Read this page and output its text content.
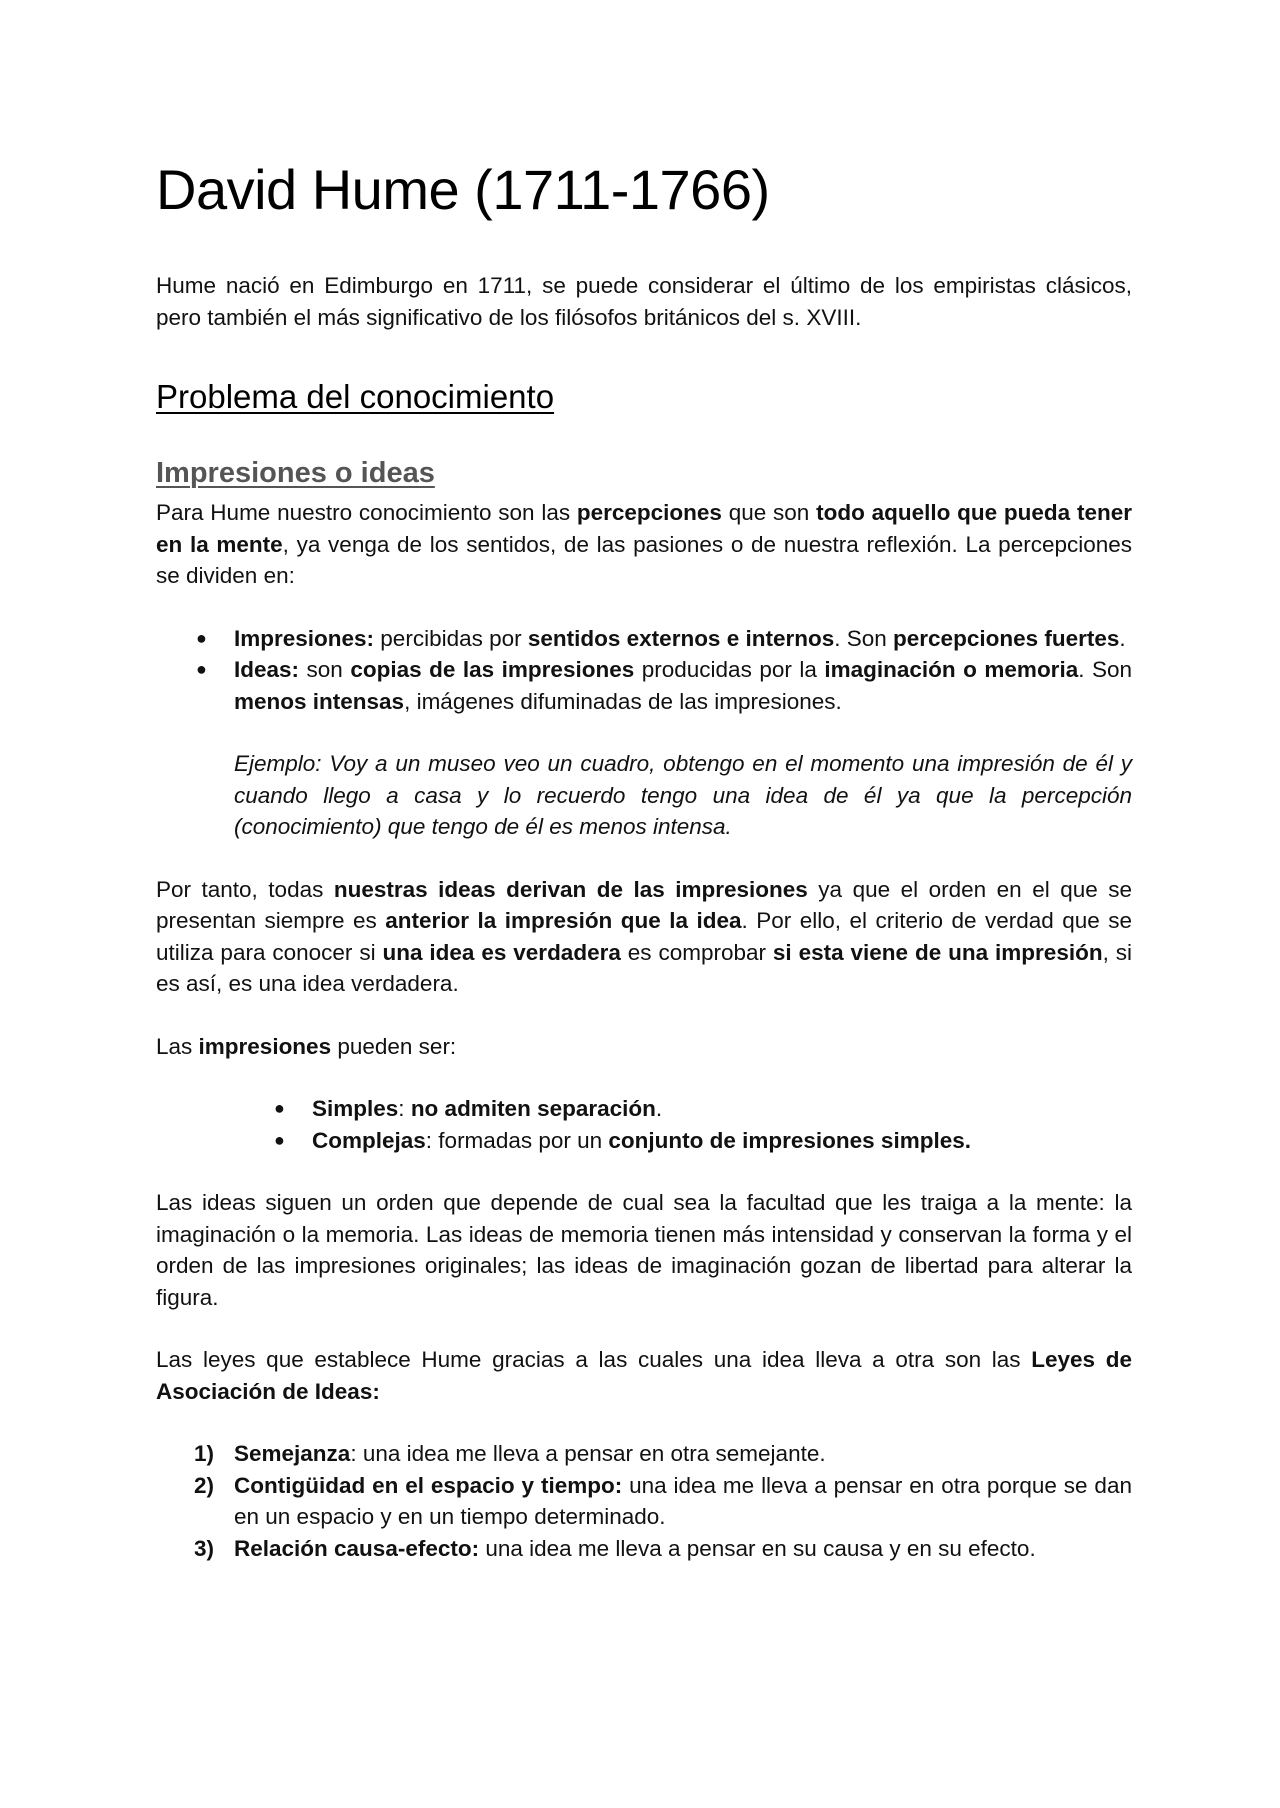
David Hume (1711-1766)

Hume nació en Edimburgo en 1711, se puede considerar el último de los empiristas clásicos, pero también el más significativo de los filósofos británicos del s. XVIII.

Problema del conocimiento
Impresiones o ideas

Para Hume nuestro conocimiento son las percepciones que son todo aquello que pueda tener en la mente, ya venga de los sentidos, de las pasiones o de nuestra reflexión. La percepciones se dividen en:

● Impresiones: percibidas por sentidos externos e internos. Son percepciones fuertes.
● Ideas: son copias de las impresiones producidas por la imaginación o memoria. Son menos intensas, imágenes difuminadas de las impresiones.

Ejemplo: Voy a un museo veo un cuadro, obtengo en el momento una impresión de él y cuando llego a casa y lo recuerdo tengo una idea de él ya que la percepción (conocimiento) que tengo de él es menos intensa.

Por tanto, todas nuestras ideas derivan de las impresiones ya que el orden en el que se presentan siempre es anterior la impresión que la idea. Por ello, el criterio de verdad que se utiliza para conocer si una idea es verdadera es comprobar si esta viene de una impresión, si es así, es una idea verdadera.

Las impresiones pueden ser:

● Simples: no admiten separación.
● Complejas: formadas por un conjunto de impresiones simples.

Las ideas siguen un orden que depende de cual sea la facultad que les traiga a la mente: la imaginación o la memoria. Las ideas de memoria tienen más intensidad y conservan la forma y el orden de las impresiones originales; las ideas de imaginación gozan de libertad para alterar la figura.

Las leyes que establece Hume gracias a las cuales una idea lleva a otra son las Leyes de Asociación de Ideas:

1) Semejanza: una idea me lleva a pensar en otra semejante.
2) Contigüidad en el espacio y tiempo: una idea me lleva a pensar en otra porque se dan en un espacio y en un tiempo determinado.
3) Relación causa-efecto: una idea me lleva a pensar en su causa y en su efecto.
